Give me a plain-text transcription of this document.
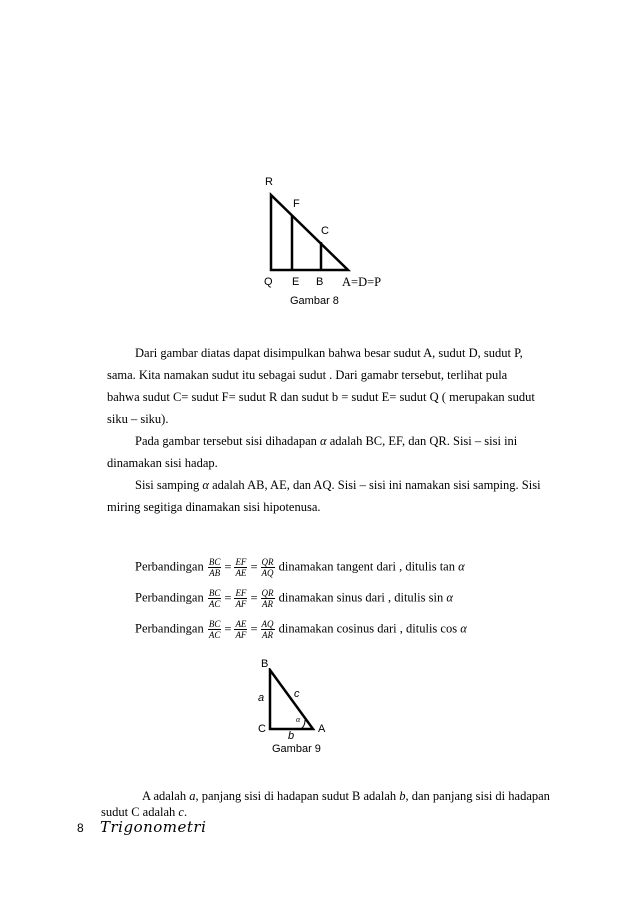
R
F
C
Q E B A=D=P
Gambar 8
Dari gambar diatas dapat disimpulkan bahwa besar sudut A, sudut D, sudut P,
sama. Kita namakan sudut itu sebagai sudut . Dari gamabr tersebut, terlihat pula
bahwa sudut C= sudut F= sudut R dan sudut b = sudut E= sudut Q ( merupakan sudut
siku – siku).
Pada gambar tersebut sisi dihadapan α adalah BC, EF, dan QR. Sisi – sisi ini
dinamakan sisi hadap.
Sisi samping α adalah AB, AE, dan AQ. Sisi – sisi ini namakan sisi samping. Sisi
miring segitiga dinamakan sisi hipotenusa.
Perbandingan $\frac{BC}{AB} = \frac{EF}{AE} = \frac{QR}{AQ}$ dinamakan tangent dari , ditulis tan α
Perbandingan $\frac{BC}{AC} = \frac{EF}{AF} = \frac{QR}{AR}$ dinamakan sinus dari , ditulis sin α
Perbandingan $\frac{BC}{AC} = \frac{AE}{AF} = \frac{AQ}{AR}$ dinamakan cosinus dari , ditulis cos α
B
a	c
α
C	A
b
Gambar 9
A adalah a, panjang sisi di hadapan sudut B adalah b, dan panjang sisi di hadapan
sudut C adalah c.
8 Trigonometri
